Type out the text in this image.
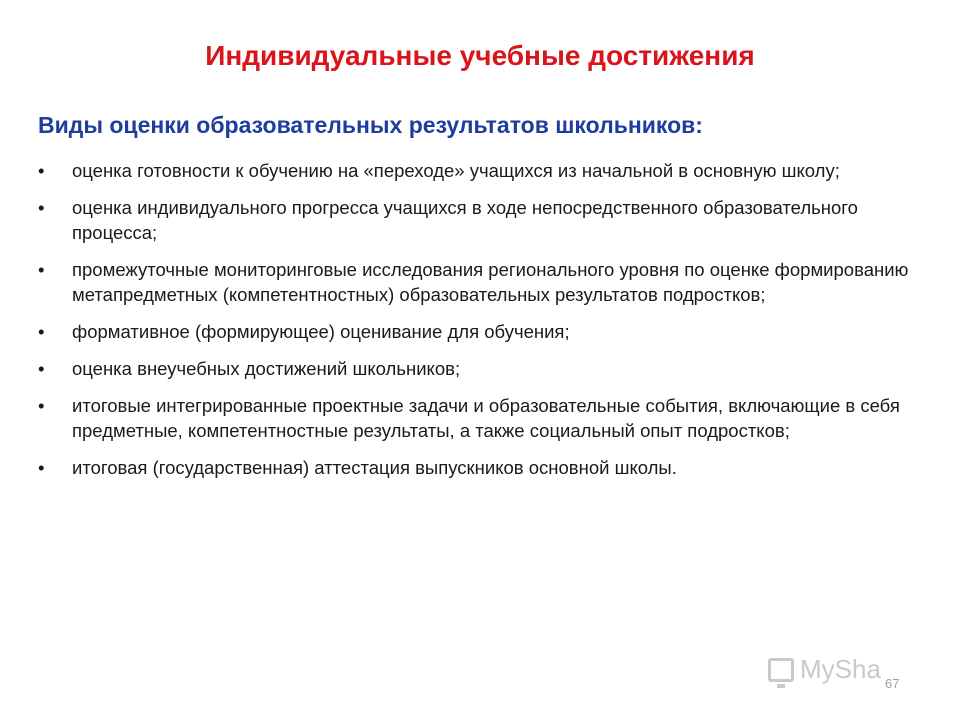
Индивидуальные учебные достижения
Виды оценки образовательных результатов школьников:
• оценка готовности к обучению на «переходе» учащихся из начальной в основную школу;
• оценка индивидуального прогресса учащихся в ходе непосредственного образовательного процесса;
• промежуточные мониторинговые исследования регионального уровня по оценке формированию метапредметных (компетентностных) образовательных результатов подростков;
• формативное (формирующее) оценивание для обучения;
• оценка внеучебных достижений школьников;
• итоговые интегрированные проектные задачи и образовательные события, включающие в себя предметные, компетентностные результаты, а также социальный опыт подростков;
• итоговая (государственная) аттестация выпускников основной школы.
MySha 67
